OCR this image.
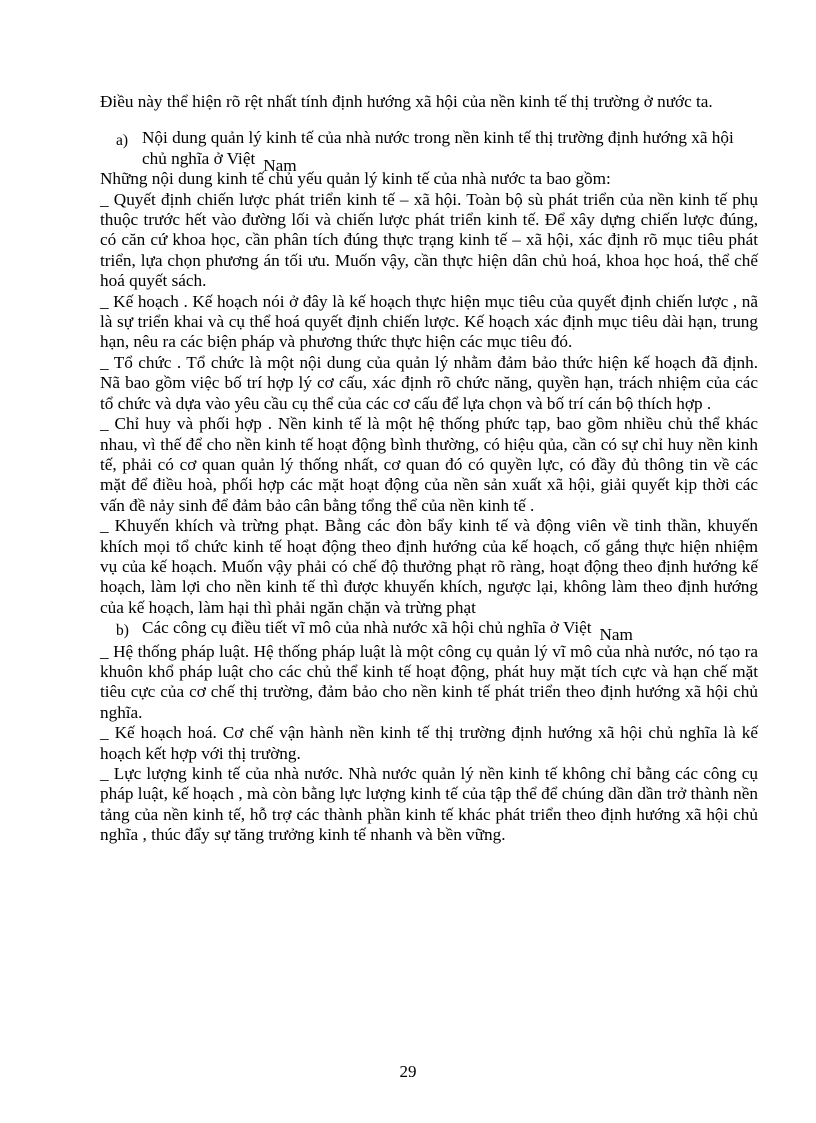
Điều này thể hiện rõ rệt nhất tính định hướng xã hội của nền kinh tế thị trường ở nước ta.

a) Nội dung quản lý kinh tế của nhà nước trong nền kinh tế thị trường định hướng xã hội chủ nghĩa ở Việt Nam

Những nội dung kinh tế chủ yếu quản lý kinh tế của nhà nước ta bao gồm:

_ Quyết định chiến lược phát triển kinh tế – xã hội. Toàn bộ sù phát triển của nền kinh tế phụ thuộc trước hết vào đường lối và chiến lược phát triển kinh tế. Để xây dựng chiến lược đúng, có căn cứ khoa học, cần phân tích đúng thực trạng kinh tế – xã hội, xác định rõ mục tiêu phát triển, lựa chọn phương án tối ưu. Muốn vậy, cần thực hiện dân chủ hoá, khoa học hoá, thể chế hoá quyết sách.

_ Kế hoạch . Kế hoạch nói ở đây là kế hoạch thực hiện mục tiêu của quyết định chiến lược , nã là sự triển khai và cụ thể hoá quyết định chiến lược. Kế hoạch xác định mục tiêu dài hạn, trung hạn, nêu ra các biện pháp và phương thức thực hiện các mục tiêu đó.

_ Tổ chức . Tổ chức là một nội dung của quản lý nhằm đảm bảo thức hiện kế hoạch đã định. Nã bao gồm việc bố trí hợp lý cơ cấu, xác định rõ chức năng, quyền hạn, trách nhiệm của các tổ chức và dựa vào yêu cầu cụ thể của các cơ cấu để lựa chọn và bố trí cán bộ thích hợp .

_ Chỉ huy và phối hợp . Nền kinh tế là một hệ thống phức tạp, bao gồm nhiều chủ thể khác nhau, vì thế để cho nền kinh tế hoạt động bình thường, có hiệu qủa, cần có sự chỉ huy nền kinh tế, phải có cơ quan quản lý thống nhất, cơ quan đó có quyền lực, có đầy đủ thông tin về các mặt để điều hoà, phối hợp các mặt hoạt động của nền sản xuất xã hội, giải quyết kịp thời các vấn đề nảy sinh để đảm bảo cân bằng tổng thể của nền kinh tế .

_ Khuyến khích và trừng phạt. Bằng các đòn bẩy kinh tế và động viên về tinh thần, khuyến khích mọi tổ chức kinh tế hoạt động theo định hướng của kế hoạch, cố gắng thực hiện nhiệm vụ của kế hoạch. Muốn vậy phải có chế độ thưởng phạt rõ ràng, hoạt động theo định hướng kế hoạch, làm lợi cho nền kinh tế thì được khuyến khích, ngược lại, không làm theo định hướng của kế hoạch, làm hại thì phải ngăn chặn và trừng phạt

b) Các công cụ điều tiết vĩ mô của nhà nước xã hội chủ nghĩa ở Việt Nam

_ Hệ thống pháp luật. Hệ thống pháp luật là một công cụ quản lý vĩ mô của nhà nước, nó tạo ra khuôn khổ pháp luật cho các chủ thể kinh tế hoạt động, phát huy mặt tích cực và hạn chế mặt tiêu cực của cơ chế thị trường, đảm bảo cho nền kinh tế phát triển theo định hướng xã hội chủ nghĩa.

_ Kế hoạch hoá. Cơ chế vận hành nền kinh tế thị trường định hướng xã hội chủ nghĩa là kế hoạch kết hợp với thị trường.

_ Lực lượng kinh tế của nhà nước. Nhà nước quản lý nền kinh tế không chỉ bằng các công cụ pháp luật, kế hoạch , mà còn bằng lực lượng kinh tế của tập thể để chúng dần dần trở thành nền tảng của nền kinh tế, hỗ trợ các thành phần kinh tế khác phát triển theo định hướng xã hội chủ nghĩa , thúc đẩy sự tăng trưởng kinh tế nhanh và bền vững.

29
